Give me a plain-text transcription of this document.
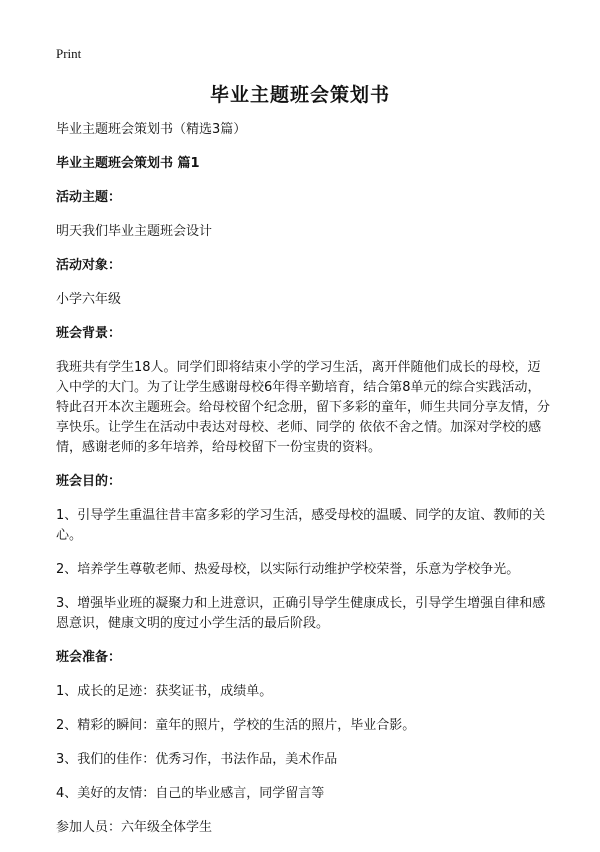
Print
毕业主题班会策划书

毕业主题班会策划书（精选3篇）

毕业主题班会策划书 篇1

活动主题：

明天我们毕业主题班会设计

活动对象：

小学六年级

班会背景：

我班共有学生18人。同学们即将结束小学的学习生活，离开伴随他们成长的母校，迈入中学的大门。为了让学生感谢母校6年得辛勤培育，结合第8单元的综合实践活动，特此召开本次主题班会。给母校留个纪念册，留下多彩的童年，师生共同分享友情，分享快乐。让学生在活动中表达对母校、老师、同学的 依依不舍之情。加深对学校的感情，感谢老师的多年培养，给母校留下一份宝贵的资料。

班会目的：

1、引导学生重温往昔丰富多彩的学习生活，感受母校的温暖、同学的友谊、教师的关心。

2、培养学生尊敬老师、热爱母校，以实际行动维护学校荣誉，乐意为学校争光。

3、增强毕业班的凝聚力和上进意识，正确引导学生健康成长，引导学生增强自律和感恩意识，健康文明的度过小学生活的最后阶段。

班会准备：

1、成长的足迹：获奖证书，成绩单。

2、精彩的瞬间：童年的照片，学校的生活的照片，毕业合影。

3、我们的佳作：优秀习作，书法作品，美术作品

4、美好的友情：自己的毕业感言，同学留言等

参加人员：六年级全体学生
